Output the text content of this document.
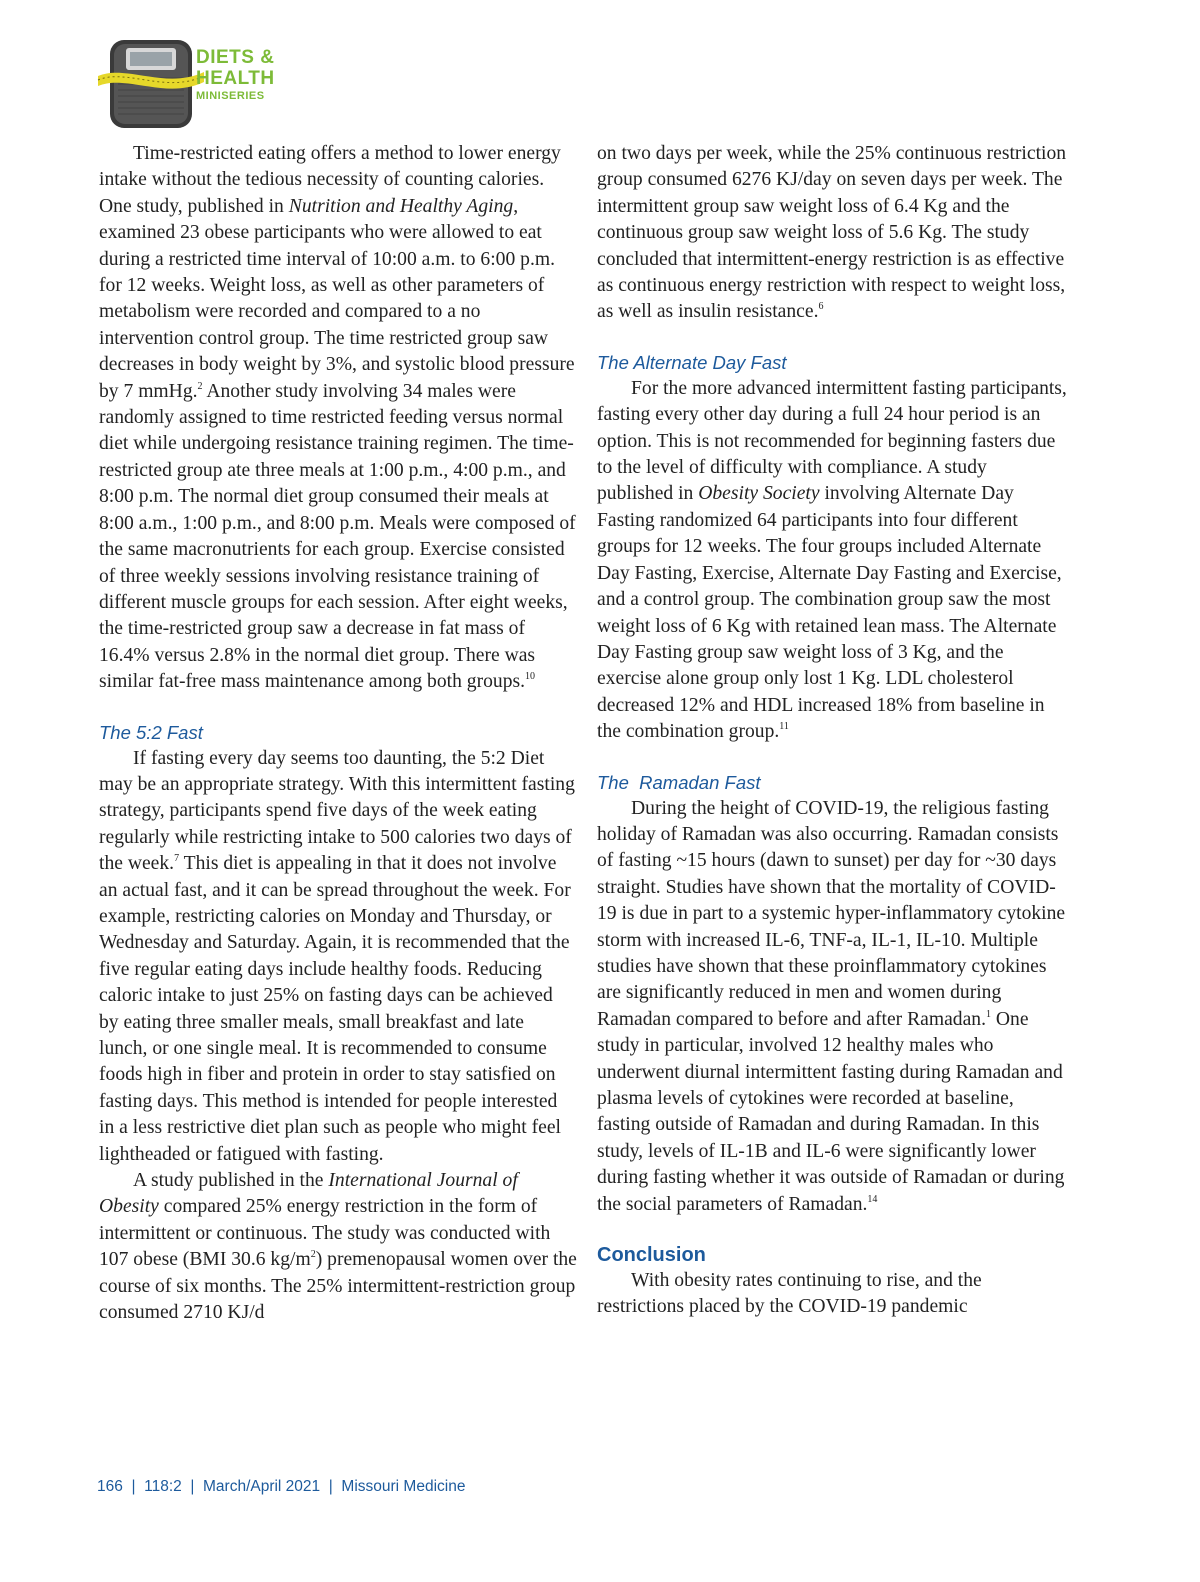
DIETS &
HEALTH
MINISERIES

Time-restricted eating offers a method to lower energy intake without the tedious necessity of counting calories. One study, published in Nutrition and Healthy Aging, examined 23 obese participants who were allowed to eat during a restricted time interval of 10:00 a.m. to 6:00 p.m. for 12 weeks. Weight loss, as well as other parameters of metabolism were recorded and compared to a no intervention control group. The time restricted group saw decreases in body weight by 3%, and systolic blood pressure by 7 mmHg.$^2$ Another study involving 34 males were randomly assigned to time restricted feeding versus normal diet while undergoing resistance training regimen. The time-restricted group ate three meals at 1:00 p.m., 4:00 p.m., and 8:00 p.m. The normal diet group consumed their meals at 8:00 a.m., 1:00 p.m., and 8:00 p.m. Meals were composed of the same macronutrients for each group. Exercise consisted of three weekly sessions involving resistance training of different muscle groups for each session. After eight weeks, the time-restricted group saw a decrease in fat mass of 16.4% versus 2.8% in the normal diet group. There was similar fat-free mass maintenance among both groups.$^{10}$

The 5:2 Fast

If fasting every day seems too daunting, the 5:2 Diet may be an appropriate strategy. With this intermittent fasting strategy, participants spend five days of the week eating regularly while restricting intake to 500 calories two days of the week.$^7$ This diet is appealing in that it does not involve an actual fast, and it can be spread throughout the week. For example, restricting calories on Monday and Thursday, or Wednesday and Saturday. Again, it is recommended that the five regular eating days include healthy foods. Reducing caloric intake to just 25% on fasting days can be achieved by eating three smaller meals, small breakfast and late lunch, or one single meal. It is recommended to consume foods high in fiber and protein in order to stay satisfied on fasting days. This method is intended for people interested in a less restrictive diet plan such as people who might feel lightheaded or fatigued with fasting.

A study published in the International Journal of Obesity compared 25% energy restriction in the form of intermittent or continuous. The study was conducted with 107 obese (BMI 30.6 $kg/m^2$) premenopausal women over the course of six months. The 25% intermittent-restriction group consumed 2710 KJ/d

on two days per week, while the 25% continuous restriction group consumed 6276 KJ/day on seven days per week. The intermittent group saw weight loss of 6.4 Kg and the continuous group saw weight loss of 5.6 Kg. The study concluded that intermittent-energy restriction is as effective as continuous energy restriction with respect to weight loss, as well as insulin resistance.$^6$

The Alternate Day Fast

For the more advanced intermittent fasting participants, fasting every other day during a full 24 hour period is an option. This is not recommended for beginning fasters due to the level of difficulty with compliance. A study published in Obesity Society involving Alternate Day Fasting randomized 64 participants into four different groups for 12 weeks. The four groups included Alternate Day Fasting, Exercise, Alternate Day Fasting and Exercise, and a control group. The combination group saw the most weight loss of 6 Kg with retained lean mass. The Alternate Day Fasting group saw weight loss of 3 Kg, and the exercise alone group only lost 1 Kg. LDL cholesterol decreased 12% and HDL increased 18% from baseline in the combination group.$^{11}$

The  Ramadan Fast

During the height of COVID-19, the religious fasting holiday of Ramadan was also occurring. Ramadan consists of fasting ~15 hours (dawn to sunset) per day for ~30 days straight. Studies have shown that the mortality of COVID-19 is due in part to a systemic hyper-inflammatory cytokine storm with increased IL-6, TNF-a, IL-1, IL-10. Multiple studies have shown that these proinflammatory cytokines are significantly reduced in men and women during Ramadan compared to before and after Ramadan.$^1$ One study in particular, involved 12 healthy males who underwent diurnal intermittent fasting during Ramadan and plasma levels of cytokines were recorded at baseline, fasting outside of Ramadan and during Ramadan. In this study, levels of IL-1B and IL-6 were significantly lower during fasting whether it was outside of Ramadan or during the social parameters of Ramadan.$^{14}$

Conclusion

With obesity rates continuing to rise, and the restrictions placed by the COVID-19 pandemic

166  |  118:2  |  March/April 2021  |  Missouri Medicine
